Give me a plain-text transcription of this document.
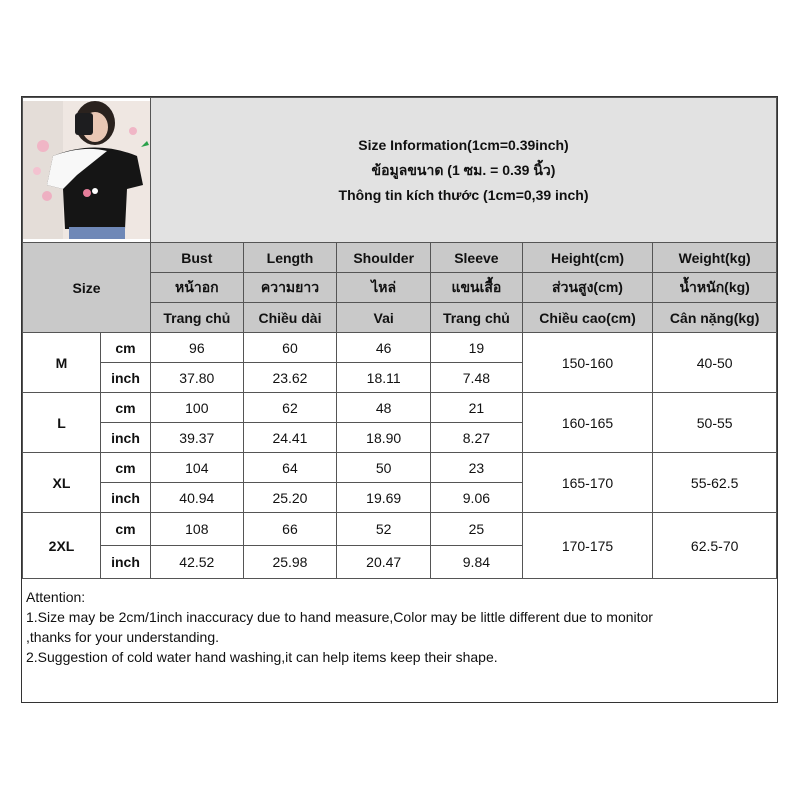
Size Information(1cm=0.39inch)
ข้อมูลขนาด (1 ซม. = 0.39 นิ้ว)
Thông tin kích thước (1cm=0,39 inch)					

Size		Bust	Length	Shoulder	Sleeve	Height(cm)	Weight(kg)
		หน้าอก	ความยาว	ไหล่	แขนเสื้อ	ส่วนสูง(cm)	น้ำหนัก(kg)
		Trang chủ	Chiều dài	Vai	Trang chủ	Chiều cao(cm)	Cân nặng(kg)
M	cm	96	60	46	19	150-160	40-50
	inch	37.80	23.62	18.11	7.48		
L	cm	100	62	48	21	160-165	50-55
	inch	39.37	24.41	18.90	8.27		
XL	cm	104	64	50	23	165-170	55-62.5
	inch	40.94	25.20	19.69	9.06		
2XL	cm	108	66	52	25	170-175	62.5-70
	inch	42.52	25.98	20.47	9.84		
Attention:
1.Size may be 2cm/1inch inaccuracy due to hand measure,Color may be little different due to monitor
,thanks for your understanding.
2.Suggestion of cold water hand washing,it can help items keep their shape.
